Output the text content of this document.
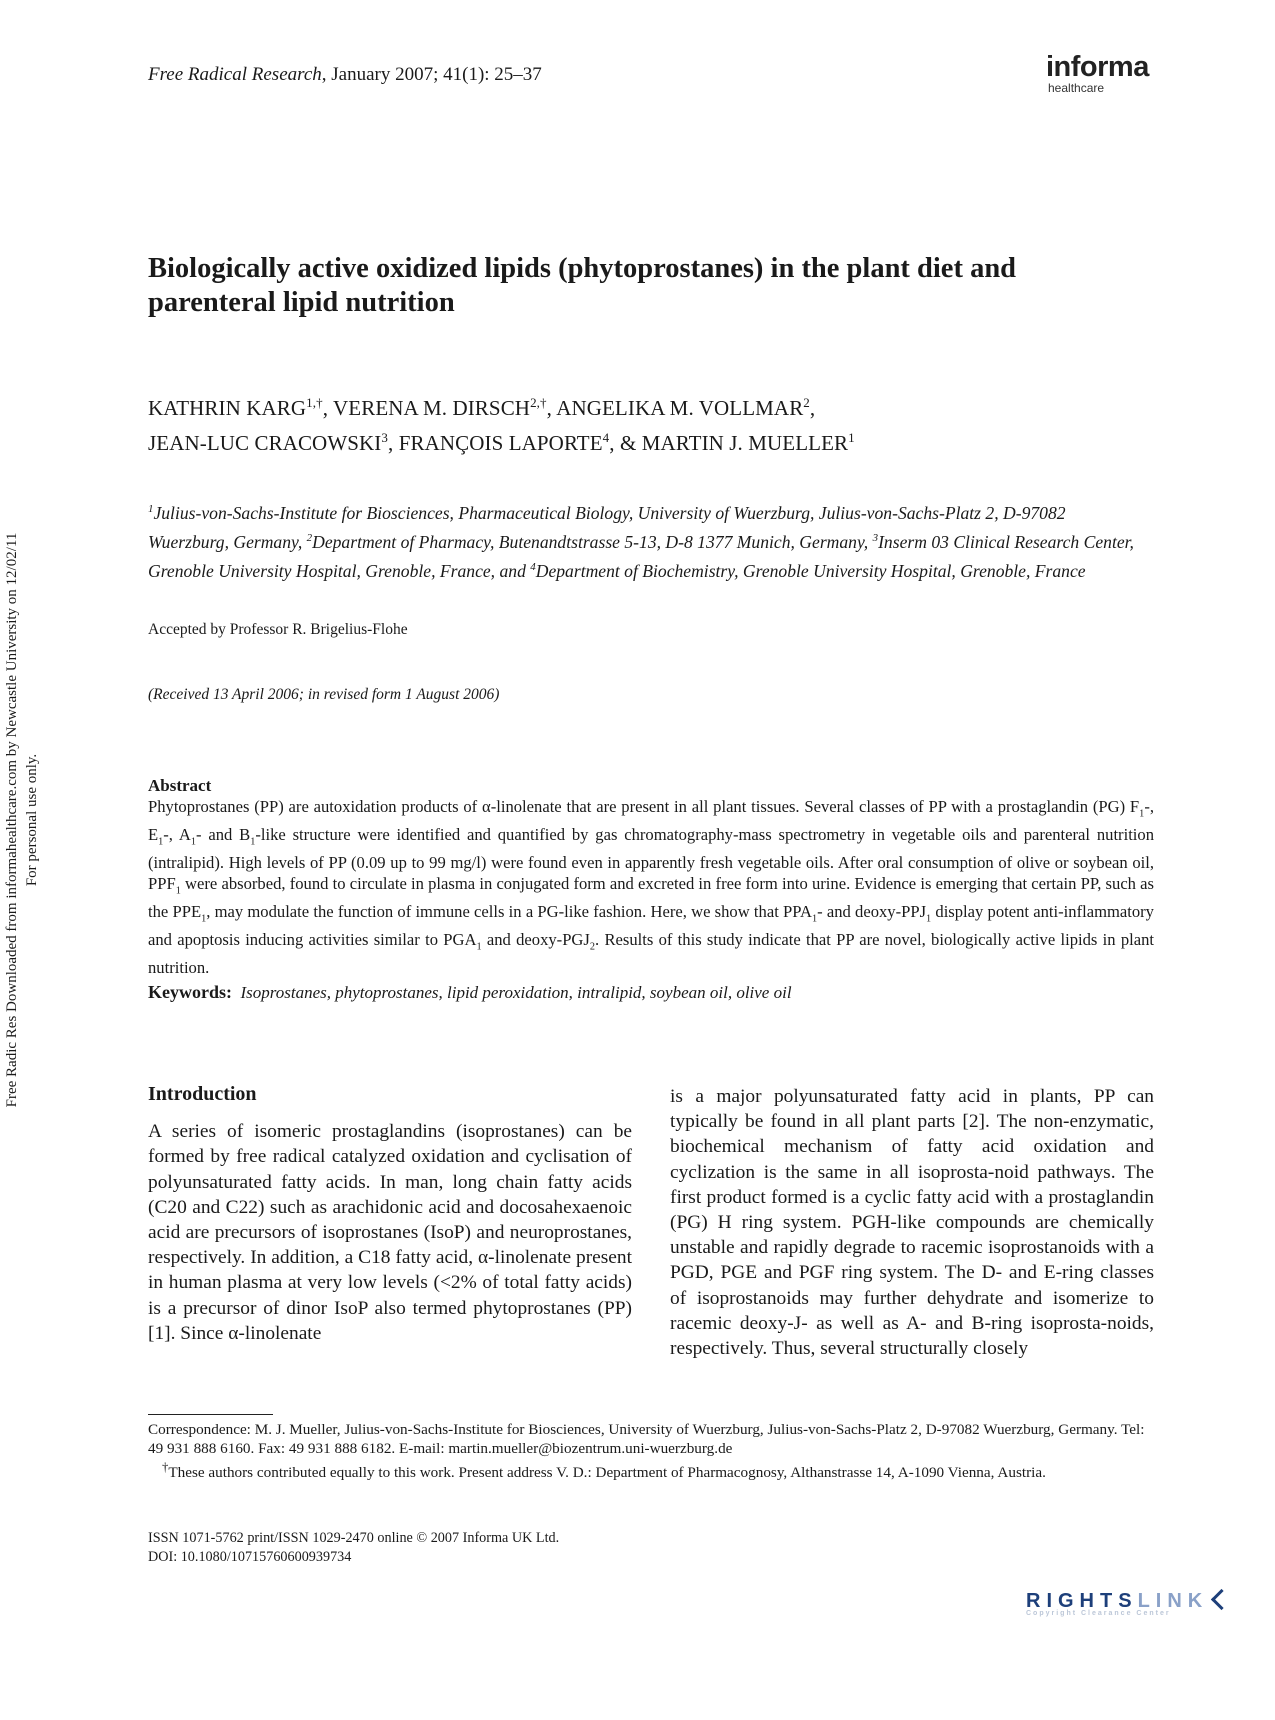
Free Radic Res Downloaded from informahealthcare.com by Newcastle University on 12/02/11 For personal use only.
Free Radical Research, January 2007; 41(1): 25–37	informa
healthcare
Biologically active oxidized lipids (phytoprostanes) in the plant diet and parenteral lipid nutrition
KATHRIN $KARG^{1,\dagger}$, VERENA M. $DIRSCH^{2,\dagger}$, ANGELIKA M. VOLLMAR$^2$,
JEAN-LUC CRACOWSKI$^3$, FRANÇOIS LAPORTE$^4$, & MARTIN J. MUELLER$^1$
$^1$Julius-von-Sachs-Institute for Biosciences, Pharmaceutical Biology, University of Wuerzburg, Julius-von-Sachs-Platz 2, D-97082 Wuerzburg, Germany, $^2$Department of Pharmacy, Butenandtstrasse 5-13, D-8 1377 Munich, Germany, $^3$Inserm 03 Clinical Research Center, Grenoble University Hospital, Grenoble, France, and $^4$Department of Biochemistry, Grenoble University Hospital, Grenoble, France
Accepted by Professor R. Brigelius-Flohe
(Received 13 April 2006; in revised form 1 August 2006)
Abstract
Phytoprostanes (PP) are autoxidation products of α-linolenate that are present in all plant tissues. Several classes of PP with a prostaglandin (PG) $F_1-$, $E_1-$, $A_1-$ and $B_1$-like structure were identified and quantified by gas chromatography-mass spectrometry in vegetable oils and parenteral nutrition (intralipid). High levels of PP (0.09 up to 99 mg/l) were found even in apparently fresh vegetable oils. After oral consumption of olive or soybean oil, $PPF_1$ were absorbed, found to circulate in plasma in conjugated form and excreted in free form into urine. Evidence is emerging that certain PP, such as the $PPE_1$, may modulate the function of immune cells in a PG-like fashion. Here, we show that $PPA_1-$ and deoxy-$PPJ_1$ display potent anti-inflammatory and apoptosis inducing activities similar to $PGA_1$ and deoxy-$PGJ_2$. Results of this study indicate that PP are novel, biologically active lipids in plant nutrition.
Keywords: Isoprostanes, phytoprostanes, lipid peroxidation, intralipid, soybean oil, olive oil
Introduction
A series of isomeric prostaglandins (isoprostanes) can be formed by free radical catalyzed oxidation and cyclisation of polyunsaturated fatty acids. In man, long chain fatty acids (C20 and C22) such as arachidonic acid and docosahexaenoic acid are precursors of isoprostanes (IsoP) and neuroprostanes, respectively. In addition, a C18 fatty acid, α-linolenate present in human plasma at very low levels (<2% of total fatty acids) is a precursor of dinor IsoP also termed phytoprostanes (PP) [1]. Since α-linolenate
is a major polyunsaturated fatty acid in plants, PP can typically be found in all plant parts [2]. The non-enzymatic, biochemical mechanism of fatty acid oxidation and cyclization is the same in all isoprosta-noid pathways. The first product formed is a cyclic fatty acid with a prostaglandin (PG) H ring system. PGH-like compounds are chemically unstable and rapidly degrade to racemic isoprostanoids with a PGD, PGE and PGF ring system. The D- and E-ring classes of isoprostanoids may further dehydrate and isomerize to racemic deoxy-J- as well as A- and B-ring isoprosta-noids, respectively. Thus, several structurally closely

Correspondence: M. J. Mueller, Julius-von-Sachs-Institute for Biosciences, University of Wuerzburg, Julius-von-Sachs-Platz 2, D-97082 Wuerzburg, Germany. Tel: 49 931 888 6160. Fax: 49 931 888 6182. E-mail: martin.mueller@biozentrum.uni-wuerzburg.de

†These authors contributed equally to this work. Present address V. D.: Department of Pharmacognosy, Althanstrasse 14, A-1090 Vienna, Austria.

ISSN 1071-5762 print/ISSN 1029-2470 online © 2007 Informa UK Ltd.
DOI: 10.1080/10715760600939734
RIGHTSLINK
Copyright Clearance Center
